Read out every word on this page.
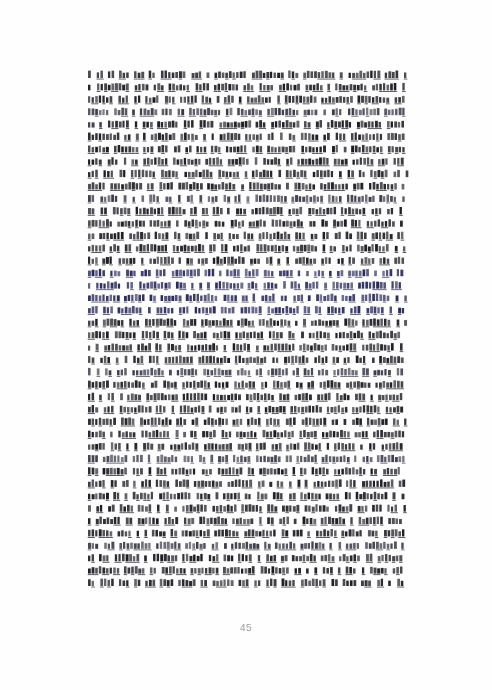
45
